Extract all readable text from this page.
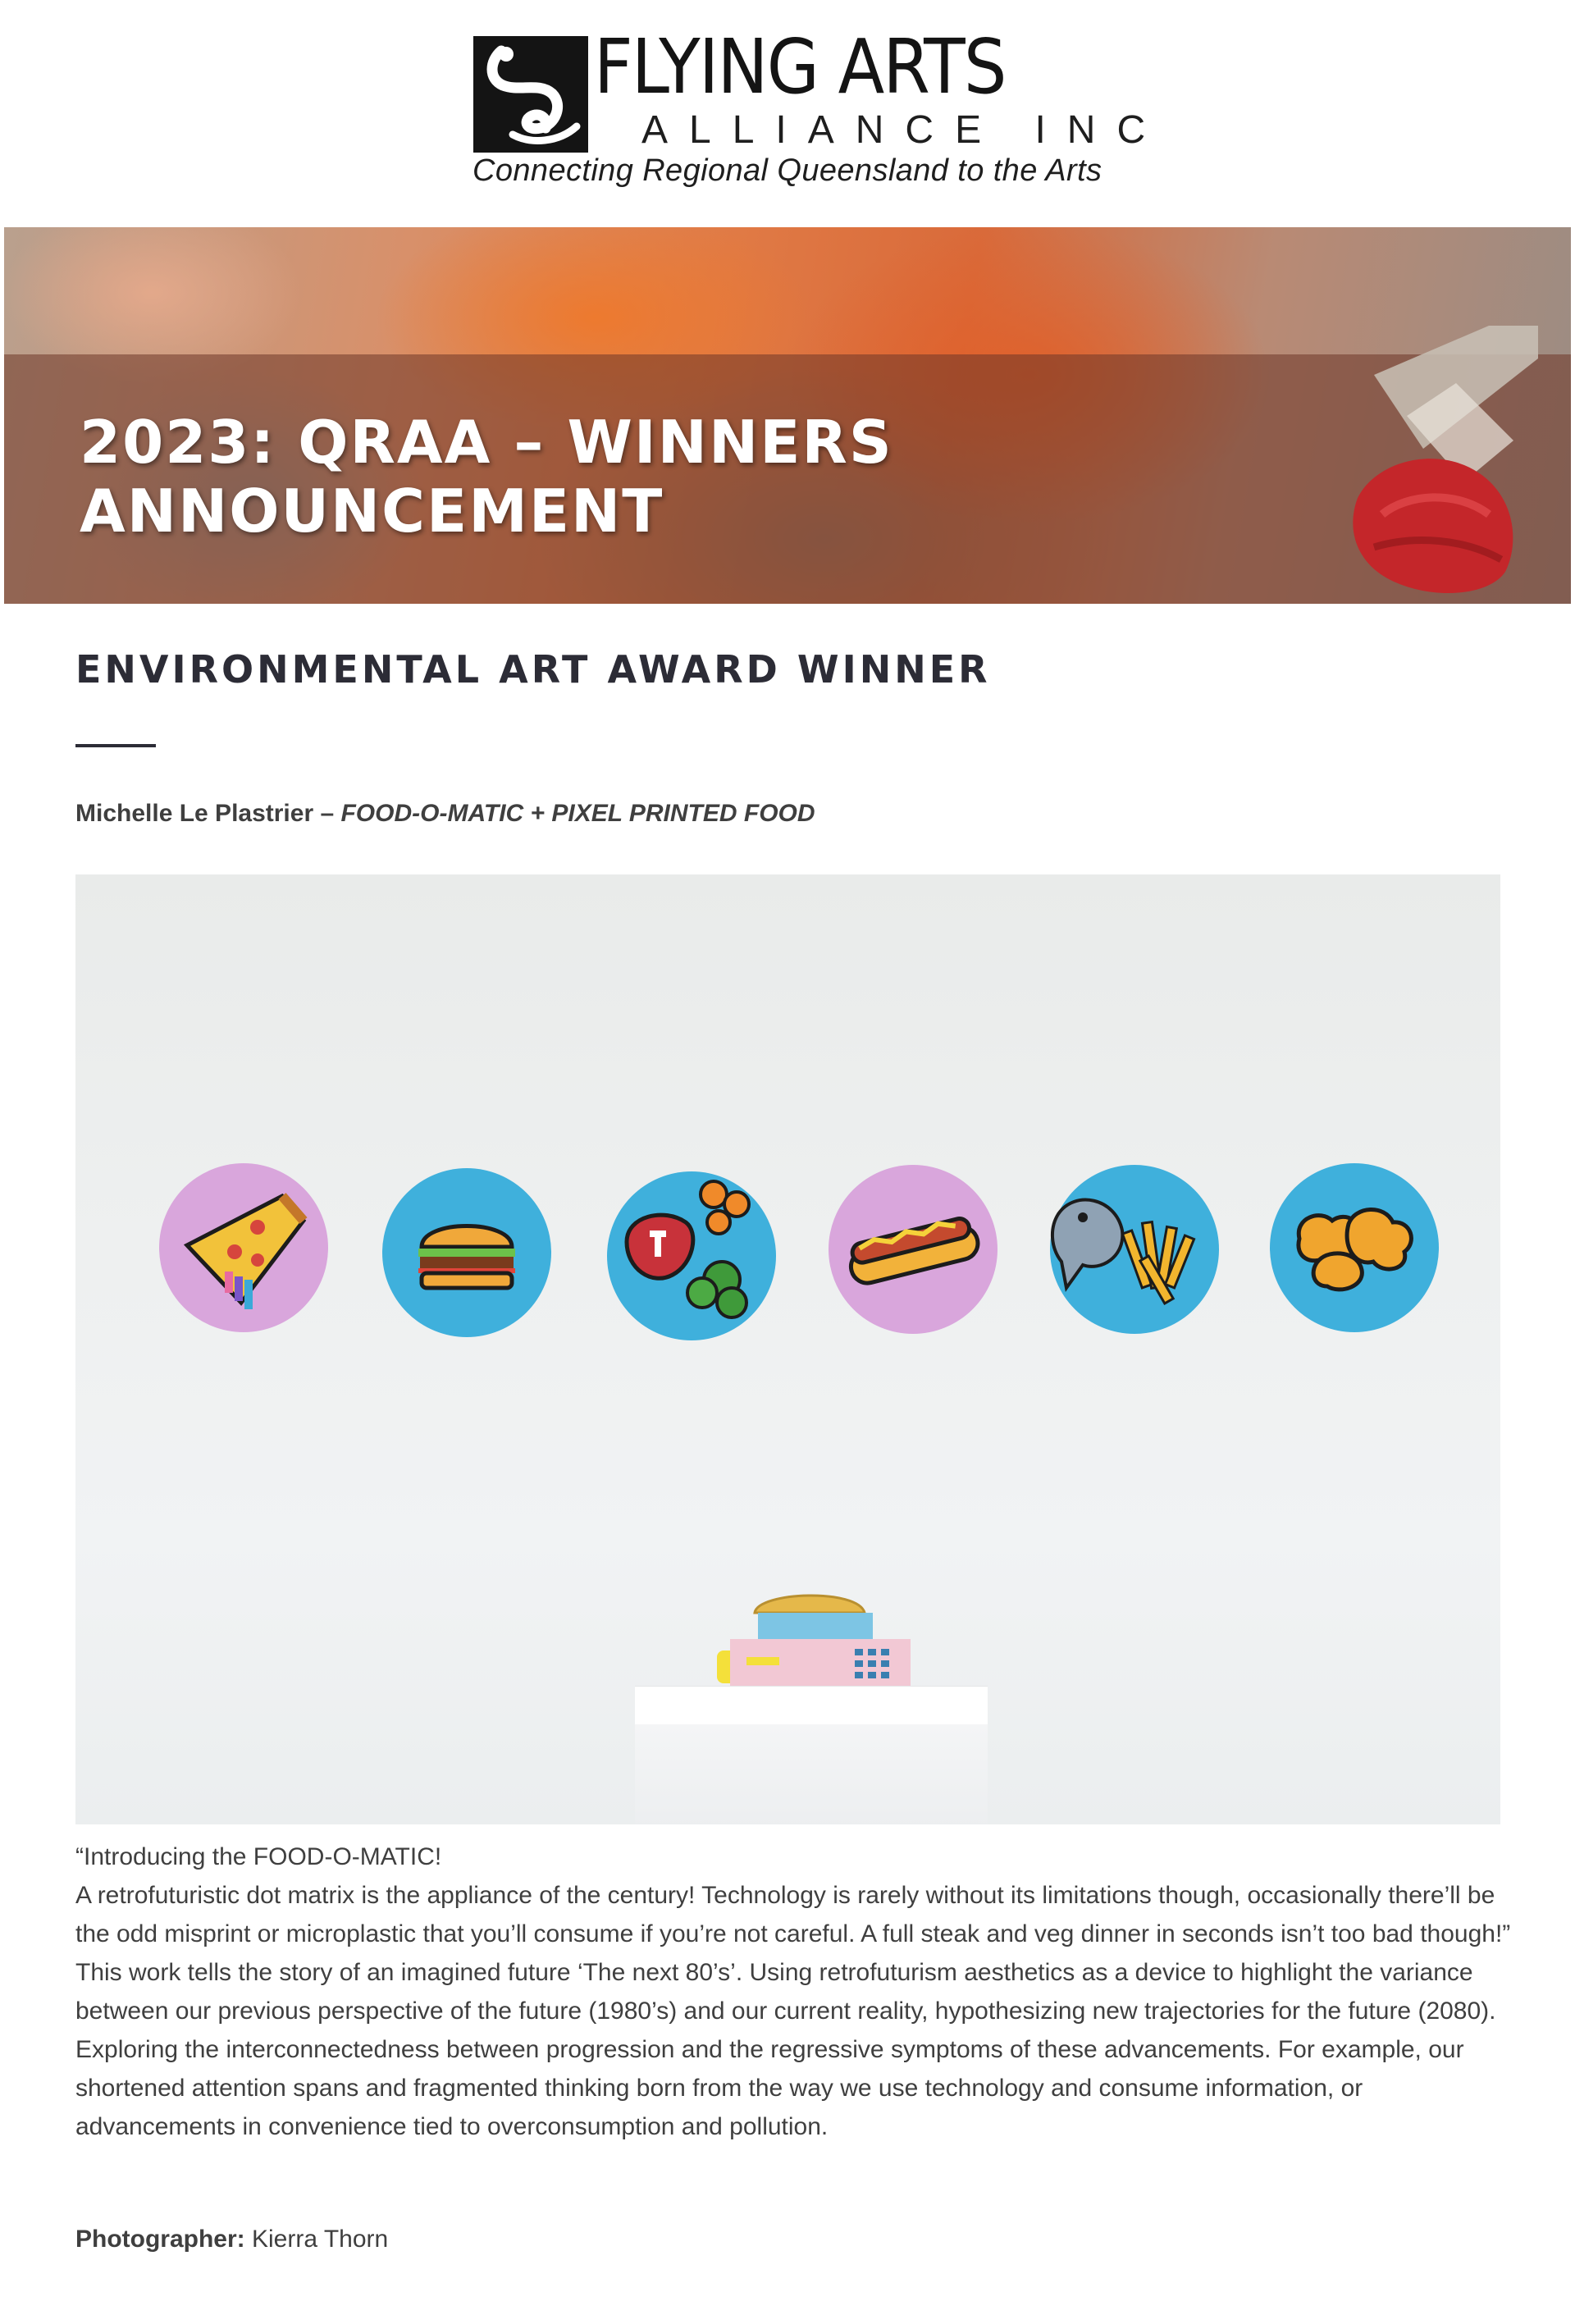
FLYING ARTS
ALLIANCE INC
Connecting Regional Queensland to the Arts
2023: QRAA – WINNERS
ANNOUNCEMENT
ENVIRONMENTAL ART AWARD WINNER
Michelle Le Plastrier – FOOD-O-MATIC + PIXEL PRINTED FOOD

“Introducing the FOOD-O-MATIC!

A retrofuturistic dot matrix is the appliance of the century! Technology is rarely without its limitations though, occasionally there’ll be the odd misprint or microplastic that you’ll consume if you’re not careful. A full steak and veg dinner in seconds isn’t too bad though!”

This work tells the story of an imagined future ‘The next 80’s’. Using retrofuturism aesthetics as a device to highlight the variance between our previous perspective of the future (1980’s) and our current reality, hypothesizing new trajectories for the future (2080). Exploring the interconnectedness between progression and the regressive symptoms of these advancements. For example, our shortened attention spans and fragmented thinking born from the way we use technology and consume information, or advancements in convenience tied to overconsumption and pollution.

Photographer: Kierra Thorn
